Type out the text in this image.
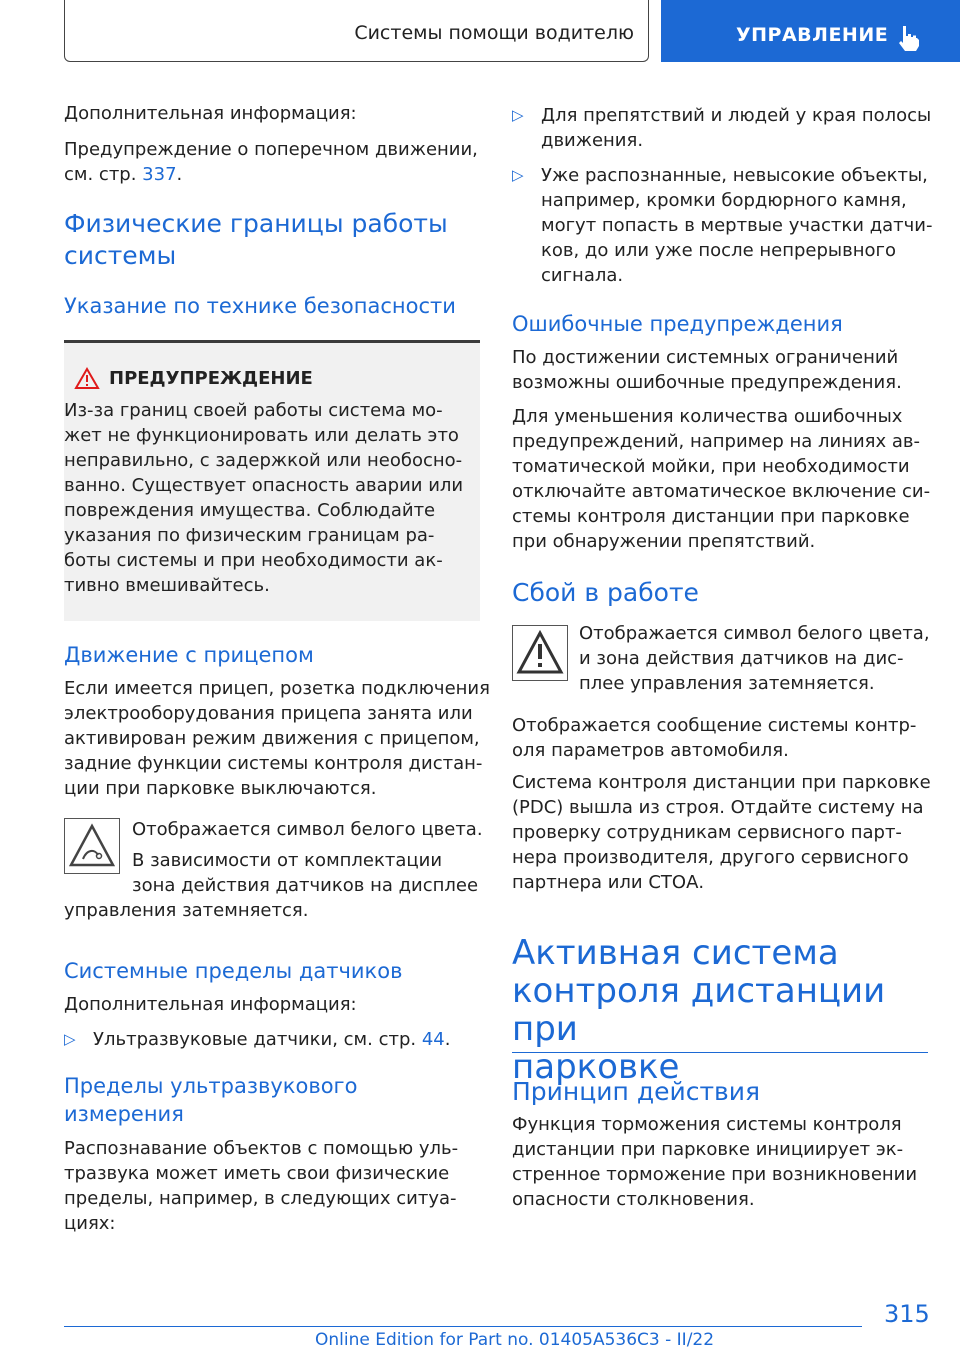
Системы помощи водителю	УПРАВЛЕНИЕ

Дополнительная информация:

Предупреждение о поперечном движении,

см. стр. 337.

Физические границы работы
системы
Указание по технике безопасности
ПРЕДУПРЕЖДЕНИЕ
Из-за границ своей работы система мо-
жет не функционировать или делать это
неправильно, с задержкой или необосно-
ванно. Существует опасность аварии или
повреждения имущества. Соблюдайте
указания по физическим границам ра-
боты системы и при необходимости ак-
тивно вмешивайтесь.
Движение с прицепом
Если имеется прицеп, розетка подключения
электрооборудования прицепа занята или
активирован режим движения с прицепом,
задние функции системы контроля дистан-
ции при парковке выключаются.

Отображается символ белого цвета.

В зависимости от комплектации

зона действия датчиков на дисплее

управления затемняется.

Системные пределы датчиков

Дополнительная информация:

▷ Ультразвуковые датчики, см. стр. 44.
Пределы ультразвукового
измерения
Распознавание объектов с помощью уль-
тразвука может иметь свои физические
пределы, например, в следующих ситуа-
циях:
▷ Для препятствий и людей у края полосы
движения.
▷ Уже распознанные, невысокие объекты,
например, кромки бордюрного камня,
могут попасть в мертвые участки датчи-
ков, до или уже после непрерывного
сигнала.
Ошибочные предупреждения
По достижении системных ограничений
возможны ошибочные предупреждения.
Для уменьшения количества ошибочных
предупреждений, например на линиях ав-
томатической мойки, при необходимости
отключайте автоматическое включение си-
стемы контроля дистанции при парковке
при обнаружении препятствий.
Сбой в работе
Отображается символ белого цвета,
и зона действия датчиков на дис-
плее управления затемняется.
Отображается сообщение системы контр-
оля параметров автомобиля.
Система контроля дистанции при парковке
(PDC) вышла из строя. Отдайте систему на
проверку сотрудникам сервисного парт-
нера производителя, другого сервисного
партнера или СТОА.
Активная система
контроля дистанции при
парковке
Принцип действия
Функция торможения системы контроля
дистанции при парковке инициирует эк-
стренное торможение при возникновении
опасности столкновения.
315
Online Edition for Part no. 01405A536C3 - II/22
